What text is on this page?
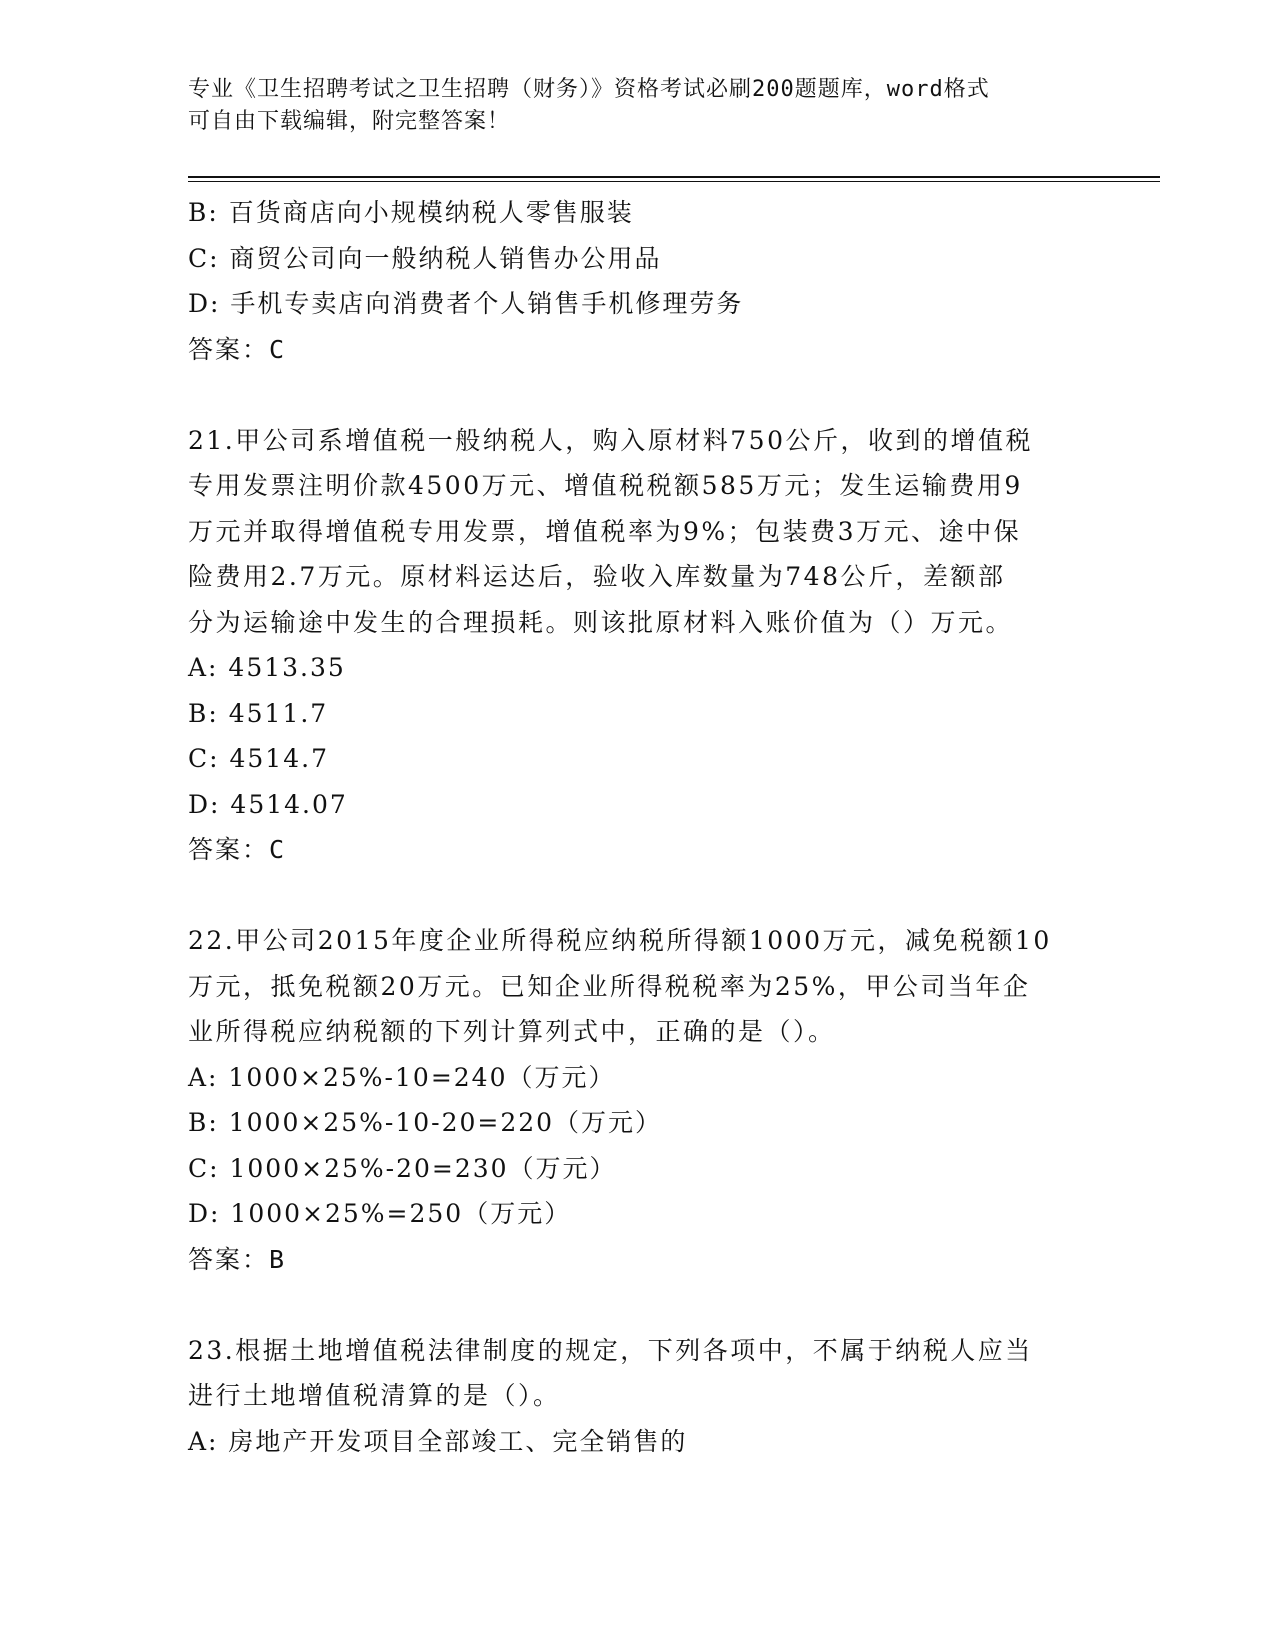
专业《卫生招聘考试之卫生招聘（财务）》资格考试必刷200题题库，word格式
可自由下载编辑，附完整答案！
B: 百货商店向小规模纳税人零售服装
C: 商贸公司向一般纳税人销售办公用品
D: 手机专卖店向消费者个人销售手机修理劳务
答案：C
21.甲公司系增值税一般纳税人，购入原材料750公斤，收到的增值税
专用发票注明价款4500万元、增值税税额585万元；发生运输费用9
万元并取得增值税专用发票，增值税率为9%；包装费3万元、途中保
险费用2.7万元。原材料运达后，验收入库数量为748公斤，差额部
分为运输途中发生的合理损耗。则该批原材料入账价值为（）万元。
A: 4513.35
B: 4511.7
C: 4514.7
D: 4514.07
答案：C
22.甲公司2015年度企业所得税应纳税所得额1000万元，减免税额10
万元，抵免税额20万元。已知企业所得税税率为25%，甲公司当年企
业所得税应纳税额的下列计算列式中，正确的是（）。
A: 1000×25%-10=240（万元）
B: 1000×25%-10-20=220（万元）
C: 1000×25%-20=230（万元）
D: 1000×25%=250（万元）
答案：B
23.根据土地增值税法律制度的规定，下列各项中，不属于纳税人应当
进行土地增值税清算的是（）。
A: 房地产开发项目全部竣工、完全销售的
